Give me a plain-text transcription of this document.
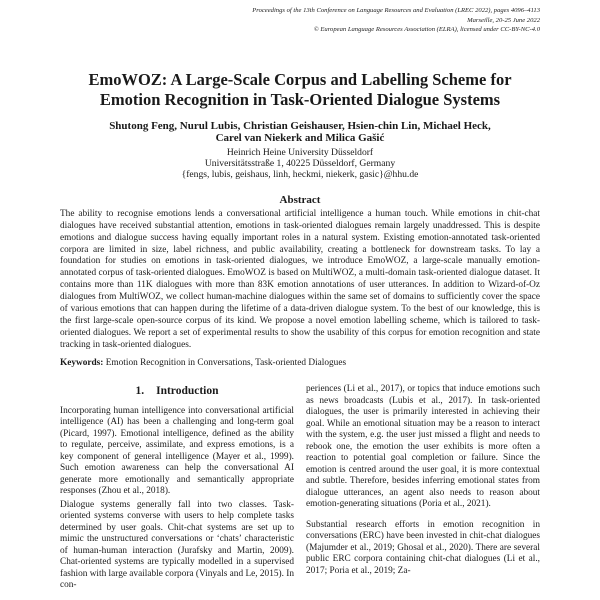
Proceedings of the 13th Conference on Language Resources and Evaluation (LREC 2022), pages 4096–4113
Marseille, 20-25 June 2022
© European Language Resources Association (ELRA), licensed under CC-BY-NC-4.0
EmoWOZ: A Large-Scale Corpus and Labelling Scheme for Emotion Recognition in Task-Oriented Dialogue Systems
Shutong Feng, Nurul Lubis, Christian Geishauser, Hsien-chin Lin, Michael Heck, Carel van Niekerk and Milica Gašić
Heinrich Heine University Düsseldorf
Universitätsstraße 1, 40225 Düsseldorf, Germany
{fengs, lubis, geishaus, linh, heckmi, niekerk, gasic}@hhu.de
Abstract
The ability to recognise emotions lends a conversational artificial intelligence a human touch. While emotions in chit-chat dialogues have received substantial attention, emotions in task-oriented dialogues remain largely unaddressed. This is despite emotions and dialogue success having equally important roles in a natural system. Existing emotion-annotated task-oriented corpora are limited in size, label richness, and public availability, creating a bottleneck for downstream tasks. To lay a foundation for studies on emotions in task-oriented dialogues, we introduce EmoWOZ, a large-scale manually emotion-annotated corpus of task-oriented dialogues. EmoWOZ is based on MultiWOZ, a multi-domain task-oriented dialogue dataset. It contains more than 11K dialogues with more than 83K emotion annotations of user utterances. In addition to Wizard-of-Oz dialogues from MultiWOZ, we collect human-machine dialogues within the same set of domains to sufficiently cover the space of various emotions that can happen during the lifetime of a data-driven dialogue system. To the best of our knowledge, this is the first large-scale open-source corpus of its kind. We propose a novel emotion labelling scheme, which is tailored to task-oriented dialogues. We report a set of experimental results to show the usability of this corpus for emotion recognition and state tracking in task-oriented dialogues.
Keywords: Emotion Recognition in Conversations, Task-oriented Dialogues
1. Introduction

Incorporating human intelligence into conversational artificial intelligence (AI) has been a challenging and long-term goal (Picard, 1997). Emotional intelligence, defined as the ability to regulate, perceive, assimilate, and express emotions, is a key component of general intelligence (Mayer et al., 1999). Such emotion awareness can help the conversational AI generate more emotionally and semantically appropriate responses (Zhou et al., 2018).

Dialogue systems generally fall into two classes. Task-oriented systems converse with users to help complete tasks determined by user goals. Chit-chat systems are set up to mimic the unstructured conversations or ‘chats’ characteristic of human-human interaction (Jurafsky and Martin, 2009). Chat-oriented systems are typically modelled in a supervised fashion with large available corpora (Vinyals and Le, 2015). In con-

periences (Li et al., 2017), or topics that induce emotions such as news broadcasts (Lubis et al., 2017). In task-oriented dialogues, the user is primarily interested in achieving their goal. While an emotional situation may be a reason to interact with the system, e.g. the user just missed a flight and needs to rebook one, the emotion the user exhibits is more often a reaction to potential goal completion or failure. Since the emotion is centred around the user goal, it is more contextual and subtle. Therefore, besides inferring emotional states from dialogue utterances, an agent also needs to reason about emotion-generating situations (Poria et al., 2021).

Substantial research efforts in emotion recognition in conversations (ERC) have been invested in chit-chat dialogues (Majumder et al., 2019; Ghosal et al., 2020). There are several public ERC corpora containing chit-chat dialogues (Li et al., 2017; Poria et al., 2019; Za-
